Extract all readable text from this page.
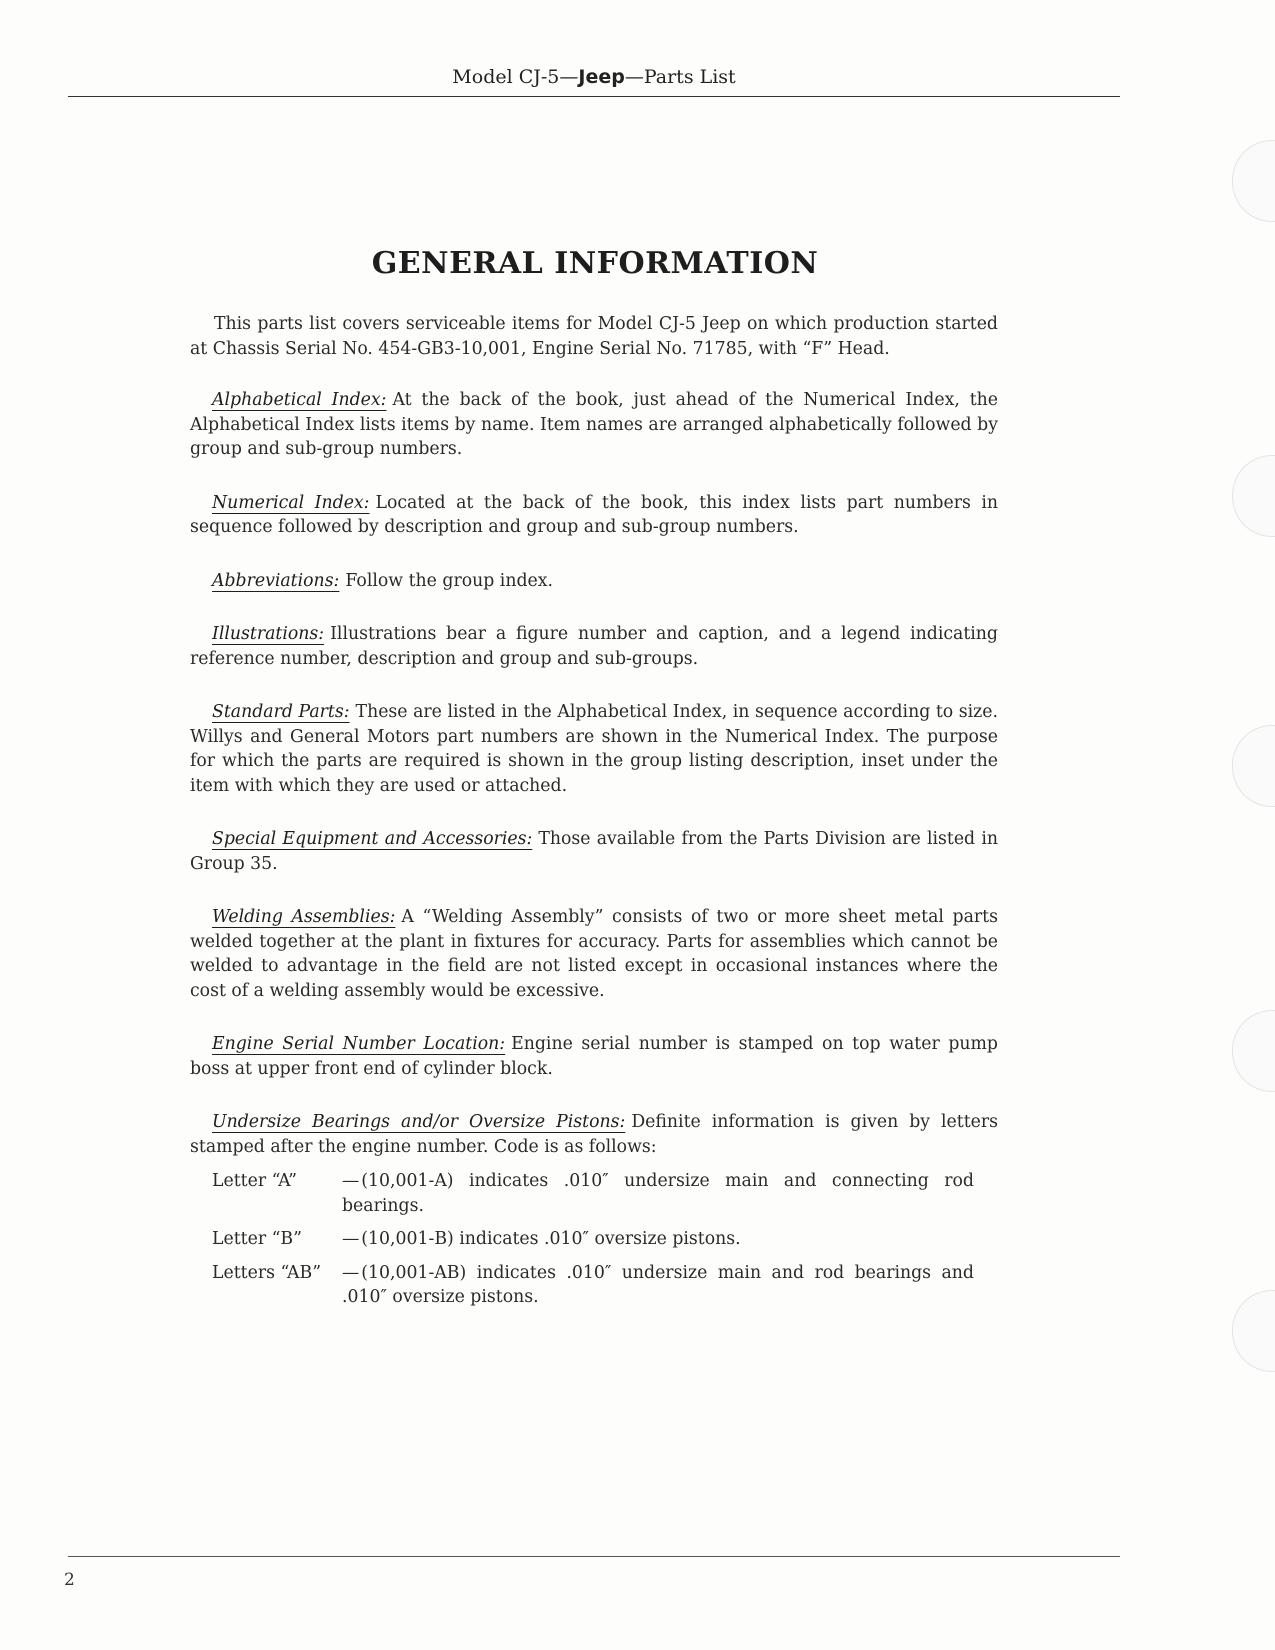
Model CJ-5—Jeep—Parts List
GENERAL INFORMATION

This parts list covers serviceable items for Model CJ-5 Jeep on which production started at Chassis Serial No. 454-GB3-10,001, Engine Serial No. 71785, with “F” Head.

Alphabetical Index: At the back of the book, just ahead of the Numerical Index, the Alphabetical Index lists items by name. Item names are arranged alphabetically followed by group and sub-group numbers.

Numerical Index: Located at the back of the book, this index lists part numbers in sequence followed by description and group and sub-group numbers.

Abbreviations: Follow the group index.

Illustrations: Illustrations bear a figure number and caption, and a legend indicating reference number, description and group and sub-groups.

Standard Parts: These are listed in the Alphabetical Index, in sequence according to size. Willys and General Motors part numbers are shown in the Numerical Index. The purpose for which the parts are required is shown in the group listing description, inset under the item with which they are used or attached.

Special Equipment and Accessories: Those available from the Parts Division are listed in Group 35.

Welding Assemblies: A “Welding Assembly” consists of two or more sheet metal parts welded together at the plant in fixtures for accuracy. Parts for assemblies which cannot be welded to advantage in the field are not listed except in occasional instances where the cost of a welding assembly would be excessive.

Engine Serial Number Location: Engine serial number is stamped on top water pump boss at upper front end of cylinder block.

Undersize Bearings and/or Oversize Pistons: Definite information is given by letters stamped after the engine number. Code is as follows:

Letter “A”	— (10,001-A) indicates .010″ undersize main and connecting rod bearings.
Letter “B”	— (10,001-B) indicates .010″ oversize pistons.
Letters “AB”	— (10,001-AB) indicates .010″ undersize main and rod bearings and .010″ oversize pistons.
2
